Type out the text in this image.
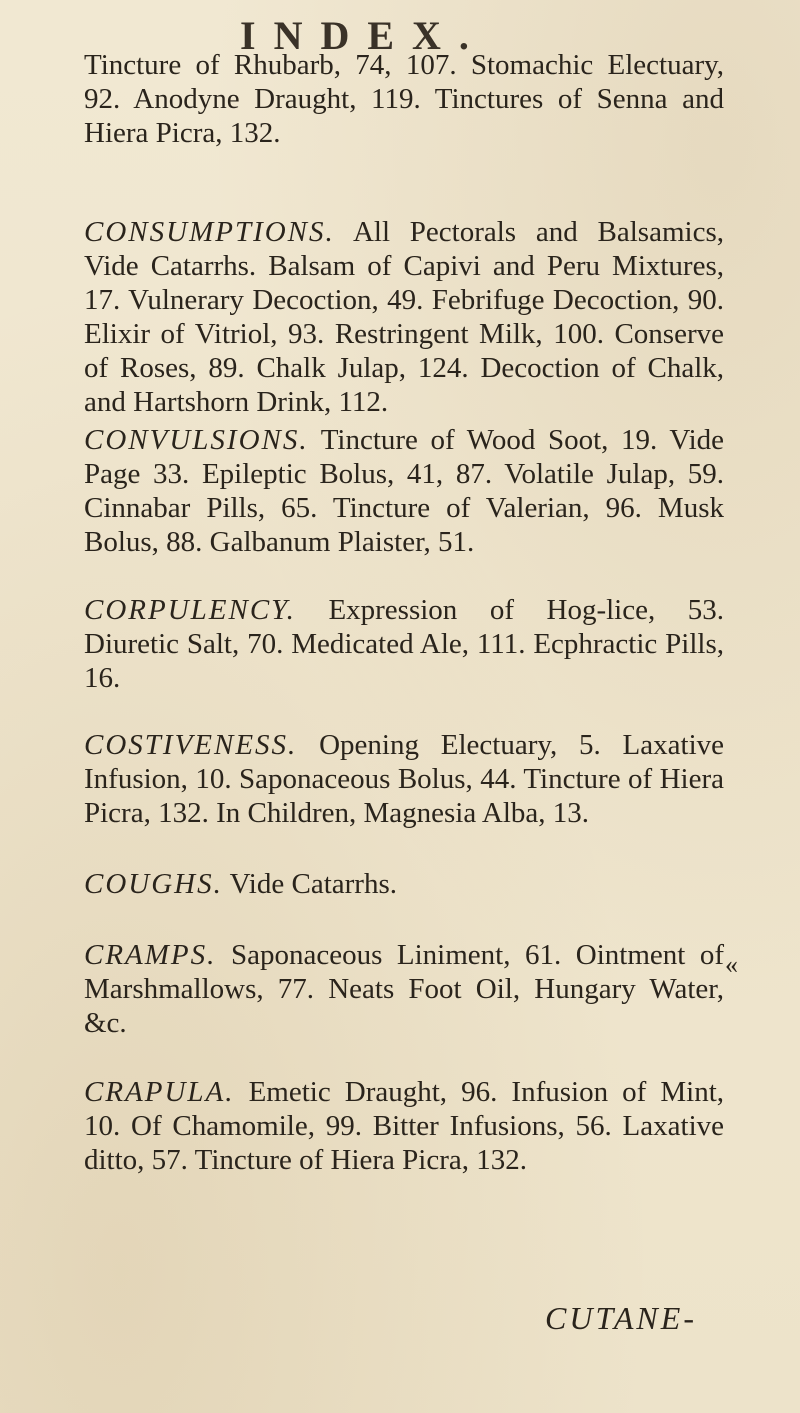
INDEX.
Tincture of Rhubarb, 74, 107. Stomachic Electuary, 92. Anodyne Draught, 119. Tinctures of Senna and Hiera Picra, 132.
CONSUMPTIONS. All Pectorals and Balsamics, Vide Catarrhs. Balsam of Capivi and Peru Mixtures, 17. Vulnerary Decoction, 49. Febrifuge Decoction, 90. Elixir of Vitriol, 93. Restringent Milk, 100. Conserve of Roses, 89. Chalk Julap, 124. Decoction of Chalk, and Hartshorn Drink, 112.
CONVULSIONS. Tincture of Wood Soot, 19. Vide Page 33. Epileptic Bolus, 41, 87. Volatile Julap, 59. Cinnabar Pills, 65. Tincture of Valerian, 96. Musk Bolus, 88. Galbanum Plaister, 51.
CORPULENCY. Expression of Hog-lice, 53. Diuretic Salt, 70. Medicated Ale, 111. Ecphractic Pills, 16.
COSTIVENESS. Opening Electuary, 5. Laxative Infusion, 10. Saponaceous Bolus, 44. Tincture of Hiera Picra, 132. In Children, Magnesia Alba, 13.
COUGHS. Vide Catarrhs.
CRAMPS. Saponaceous Liniment, 61. Ointment of Marshmallows, 77. Neats Foot Oil, Hungary Water, &c.
CRAPULA. Emetic Draught, 96. Infusion of Mint, 10. Of Chamomile, 99. Bitter Infusions, 56. Laxative ditto, 57. Tincture of Hiera Picra, 132.
«
CUTANE-
